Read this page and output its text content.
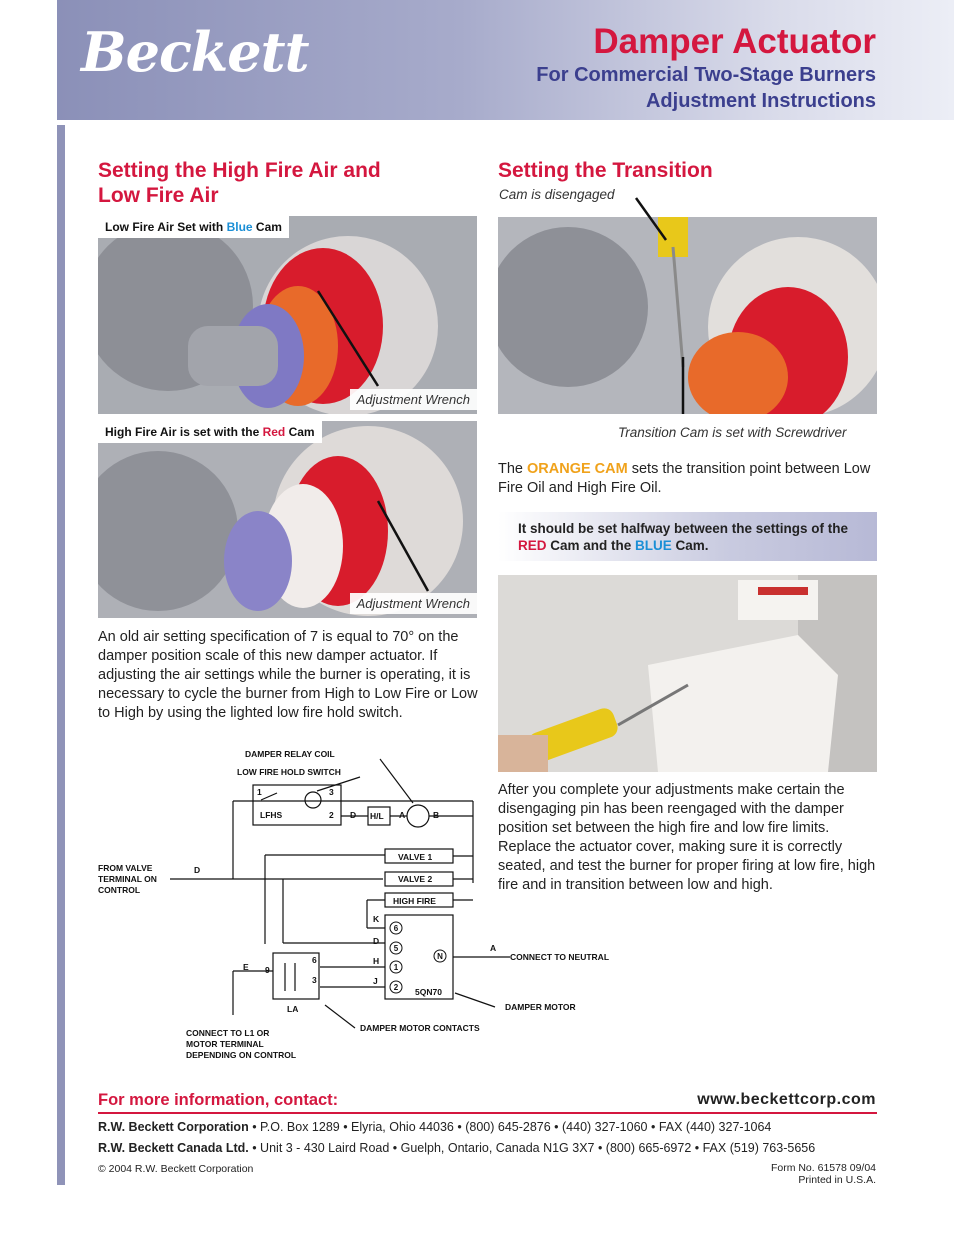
Beckett	Damper Actuator
For Commercial Two-Stage Burners
Adjustment Instructions
Setting the High Fire Air and
Low Fire Air
Low Fire Air Set with Blue Cam
Adjustment Wrench
High Fire Air is set with the Red Cam
Adjustment Wrench
An old air setting specification of 7 is equal to 70° on the damper position scale of this new damper actuator. If adjusting the air settings while the burner is operating, it is necessary to cycle the burner from High to Low Fire or Low to High by using the lighted low fire hold switch.
DAMPER RELAY COIL
LOW FIRE HOLD SWITCH
FROM VALVE
TERMINAL ON
CONTROL
LFHS	H/L
VALVE 1
VALVE 2
HIGH FIRE
CONNECT TO NEUTRAL
5QN70
DAMPER MOTOR
LA
DAMPER MOTOR CONTACTS
CONNECT TO L1 OR
MOTOR TERMINAL
DEPENDING ON CONTROL
1	3
2 D	A	B
D
K
D
H
J
E 9
6
3
A
6
5
1
2
N
Setting the Transition
Cam is disengaged
Transition Cam is set with Screwdriver
The ORANGE CAM sets the transition point between Low Fire Oil and High Fire Oil.
It should be set halfway between the settings of the RED Cam and the BLUE Cam.
After you complete your adjustments make certain the disengaging pin has been reengaged with the damper position set between the high fire and low fire limits. Replace the actuator cover, making sure it is correctly seated, and test the burner for proper firing at low fire, high fire and in transition between low and high.
For more information, contact:	www.beckettcorp.com
R.W. Beckett Corporation • P.O. Box 1289 • Elyria, Ohio 44036 • (800) 645-2876 • (440) 327-1060 • FAX (440) 327-1064
R.W. Beckett Canada Ltd. • Unit 3 - 430 Laird Road • Guelph, Ontario, Canada N1G 3X7 • (800) 665-6972 • FAX (519) 763-5656
© 2004 R.W. Beckett Corporation	Form No. 61578 09/04
Printed in U.S.A.
